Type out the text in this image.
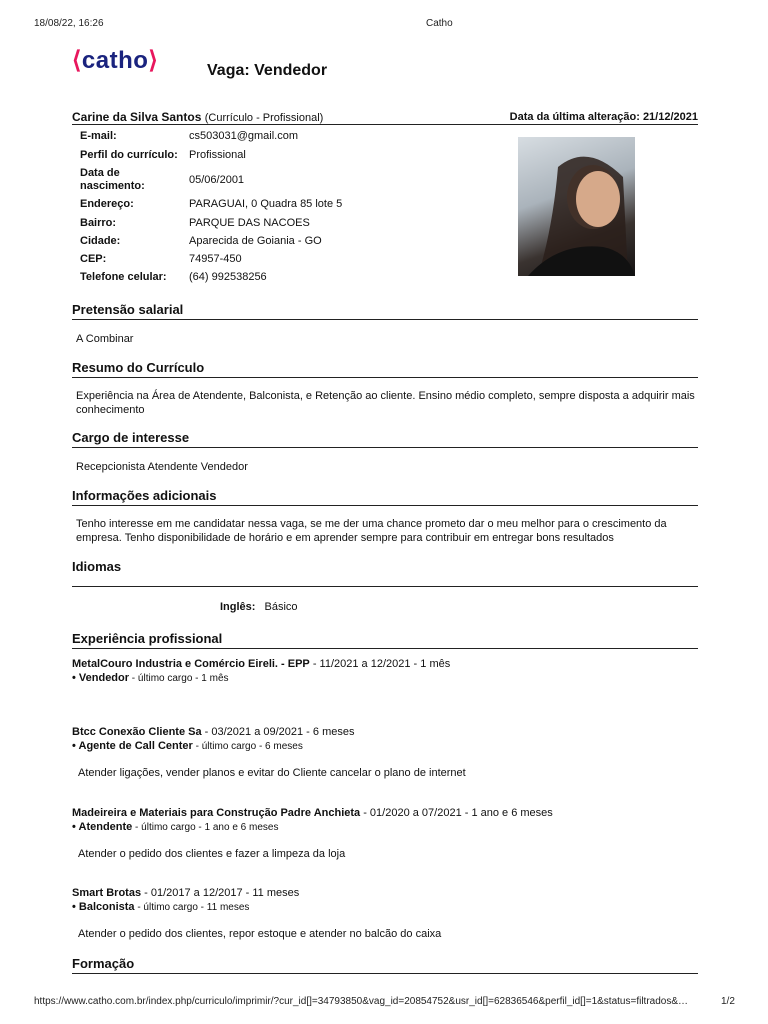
18/08/22, 16:26	Catho
⟨catho⟩	Vaga: Vendedor
Carine da Silva Santos (Currículo - Profissional)	Data da última alteração: 21/12/2021
E-mail:	cs503031@gmail.com
Perfil do currículo: Profissional
Data de
nascimento:	05/06/2001
Endereço:	PARAGUAI, 0 Quadra 85 lote 5
Bairro:	PARQUE DAS NACOES
Cidade:	Aparecida de Goiania - GO
CEP:	74957-450
Telefone celular: (64) 992538256
Pretensão salarial
A Combinar
Resumo do Currículo
Experiência na Área de Atendente, Balconista, e Retenção ao cliente. Ensino médio completo, sempre disposta a adquirir mais conhecimento
Cargo de interesse
Recepcionista Atendente Vendedor
Informações adicionais
Tenho interesse em me candidatar nessa vaga, se me der uma chance prometo dar o meu melhor para o crescimento da empresa. Tenho disponibilidade de horário e em aprender sempre para contribuir em entregar bons resultados
Idiomas
Inglês: Básico
Experiência profissional
MetalCouro Industria e Comércio Eireli. - EPP - 11/2021 a 12/2021 - 1 mês
• Vendedor - último cargo - 1 mês
Btcc Conexão Cliente Sa - 03/2021 a 09/2021 - 6 meses
• Agente de Call Center - último cargo - 6 meses
Atender ligações, vender planos e evitar do Cliente cancelar o plano de internet
Madeireira e Materiais para Construção Padre Anchieta - 01/2020 a 07/2021 - 1 ano e 6 meses
• Atendente - último cargo - 1 ano e 6 meses
Atender o pedido dos clientes e fazer a limpeza da loja
Smart Brotas - 01/2017 a 12/2017 - 11 meses
• Balconista - último cargo - 11 meses
Atender o pedido dos clientes, repor estoque e atender no balcão do caixa
Formação
https://www.catho.com.br/index.php/curriculo/imprimir/?cur_id[]=34793850&vag_id=20854752&usr_id[]=62836546&perfil_id[]=1&status=filtrados&…	1/2
